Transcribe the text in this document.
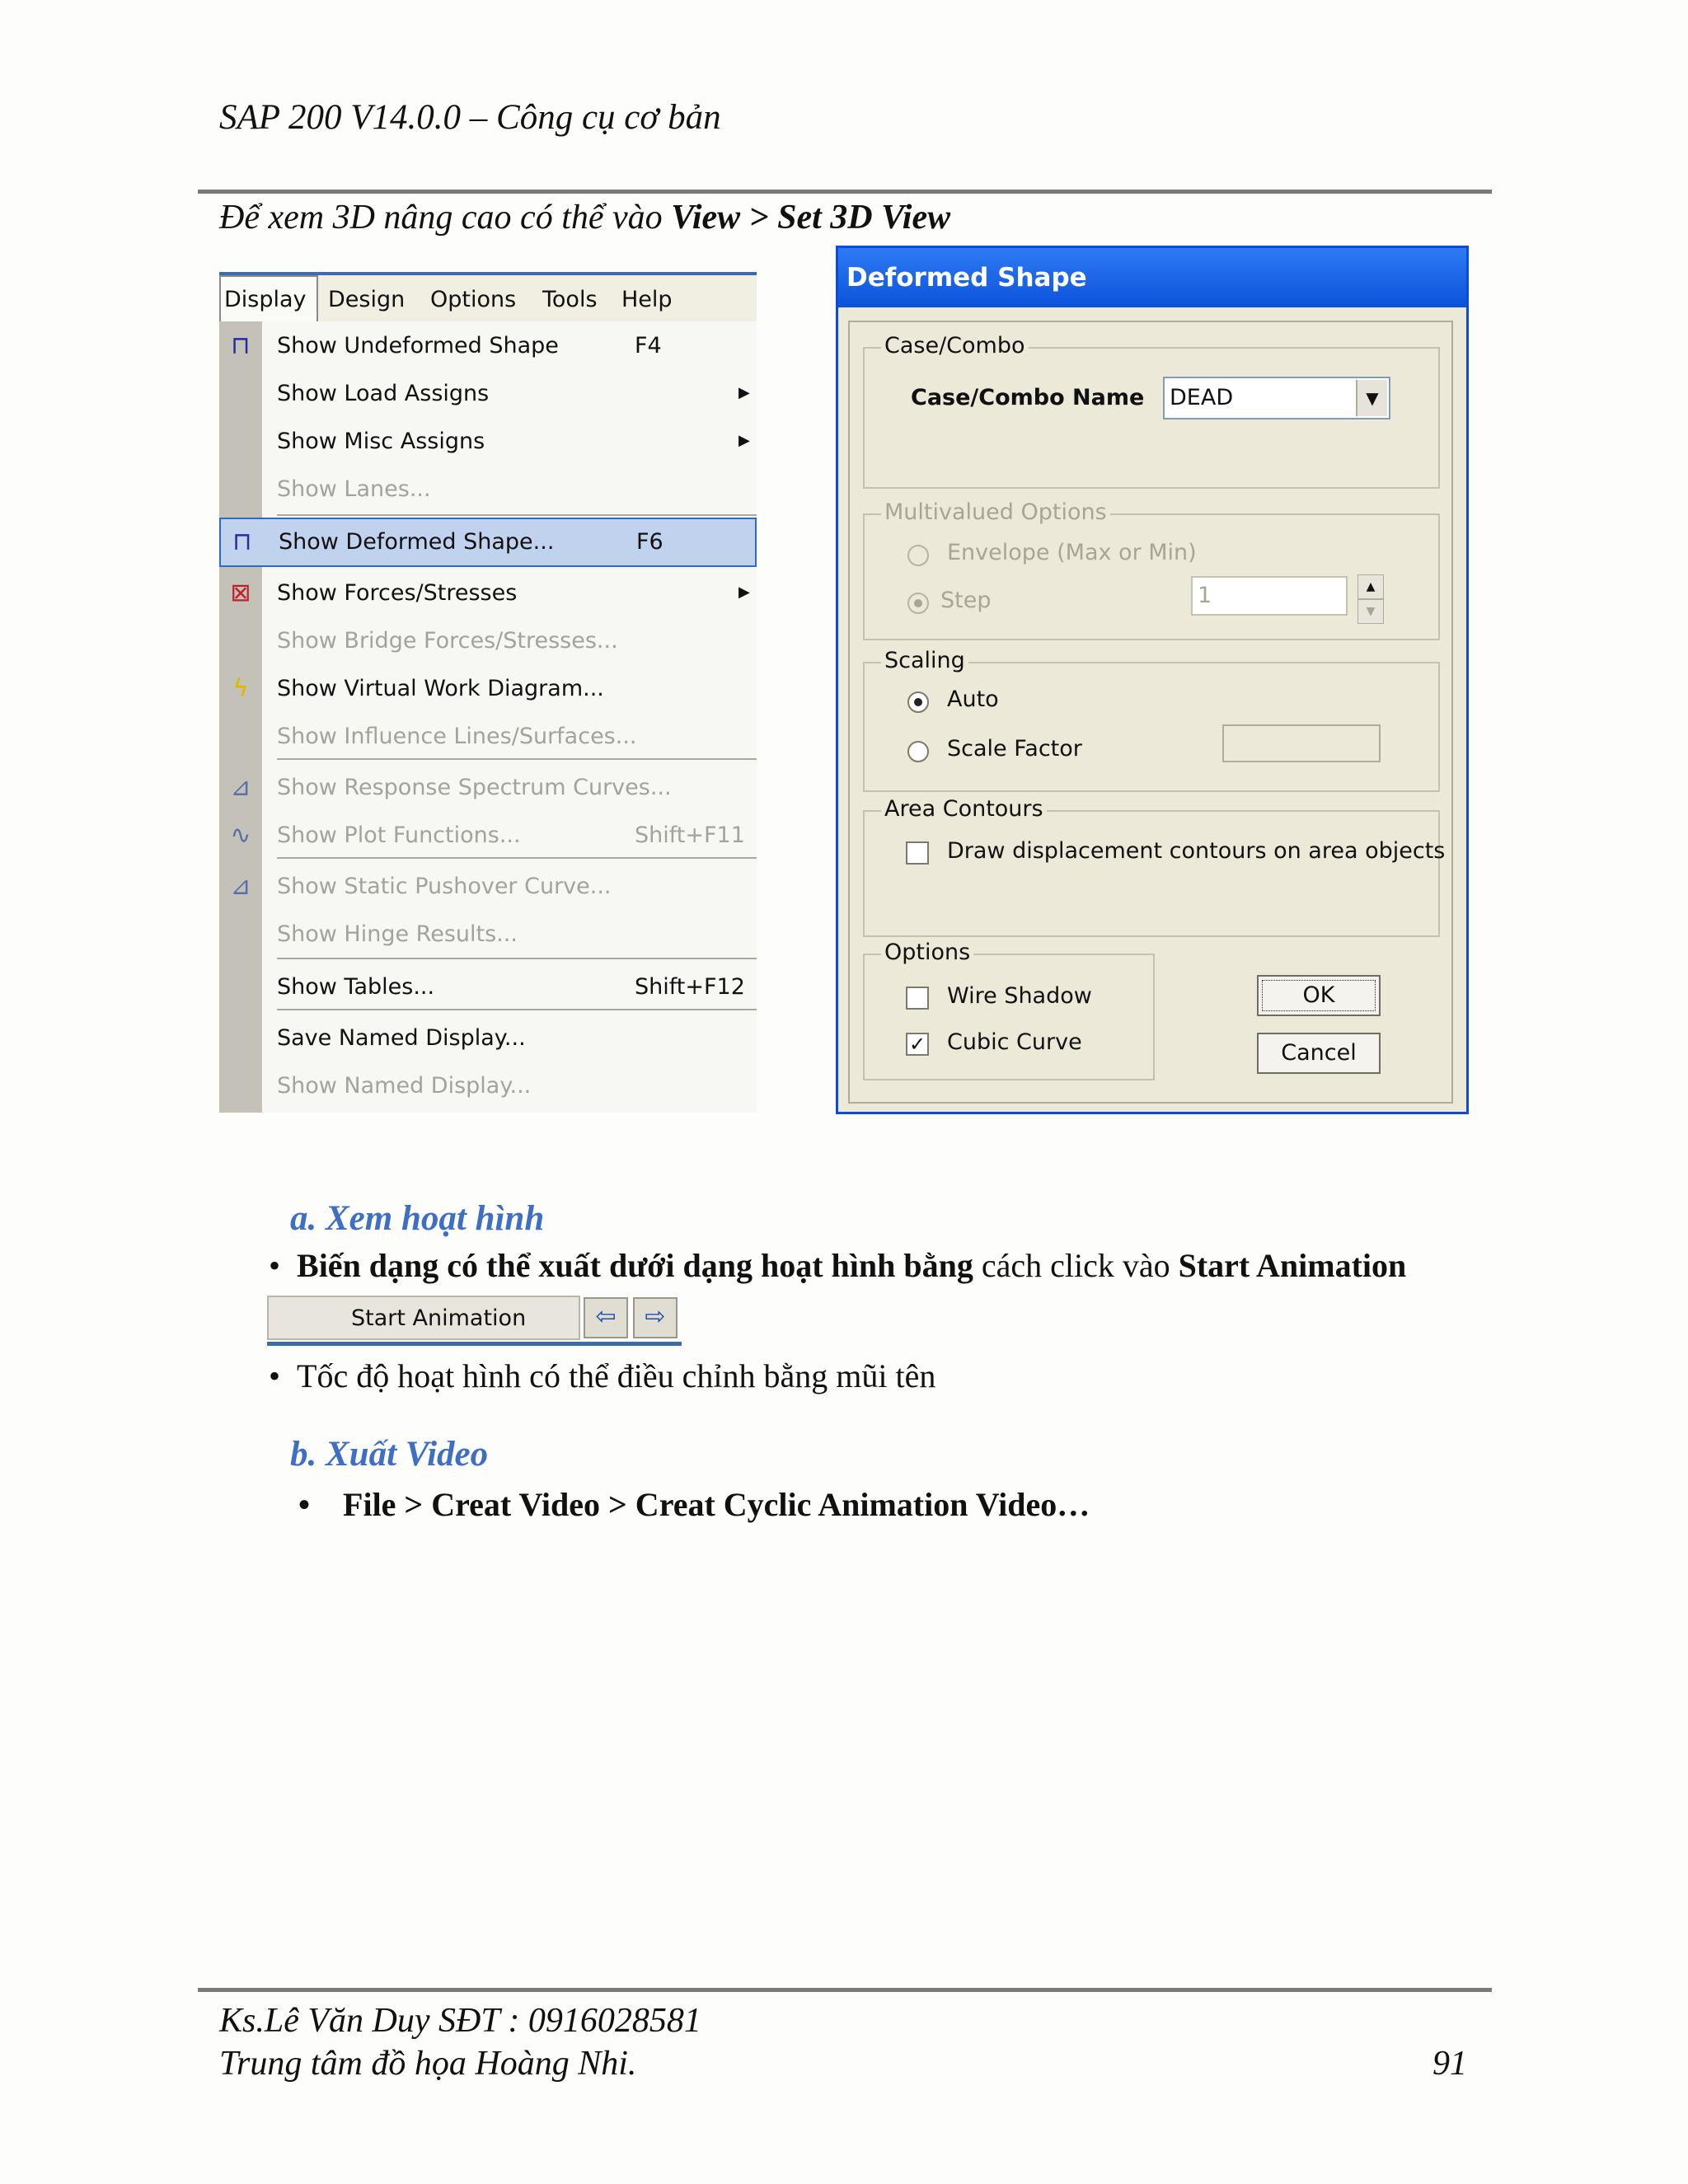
SAP 200 V14.0.0 – Công cụ cơ bản
Để xem 3D nâng cao có thể vào View > Set 3D View
Display Design Options Tools Help
⊓	Show Undeformed Shape	F4
Show Load Assigns	▶
Show Misc Assigns	▶
Show Lanes...
⊓	Show Deformed Shape...	F6
⊠ Show Forces/Stresses	▶
Show Bridge Forces/Stresses...
ϟ	Show Virtual Work Diagram...
Show Influence Lines/Surfaces...
⊿ Show Response Spectrum Curves...
∿ Show Plot Functions...	Shift+F11
⊿ Show Static Pushover Curve...
Show Hinge Results...
Show Tables...	Shift+F12
Save Named Display...
Show Named Display...
Deformed Shape
Case/Combo
Case/Combo Name DEAD	▼
Multivalued Options
Envelope (Max or Min)
Step	1	▲
▼
Scaling
Auto
Scale Factor
Area Contours
Draw displacement contours on area objects
Options
Wire Shadow
✓ Cubic Curve
OK
Cancel
a. Xem hoạt hình
•  Biến dạng có thể xuất dưới dạng hoạt hình bằng cách click vào Start Animation
Start Animation	⇦	⇨
•  Tốc độ hoạt hình có thể điều chỉnh bằng mũi tên
b. Xuất Video
•    File > Creat Video > Creat Cyclic Animation Video…
Ks.Lê Văn Duy SĐT : 0916028581
Trung tâm đồ họa Hoàng Nhi.	91
